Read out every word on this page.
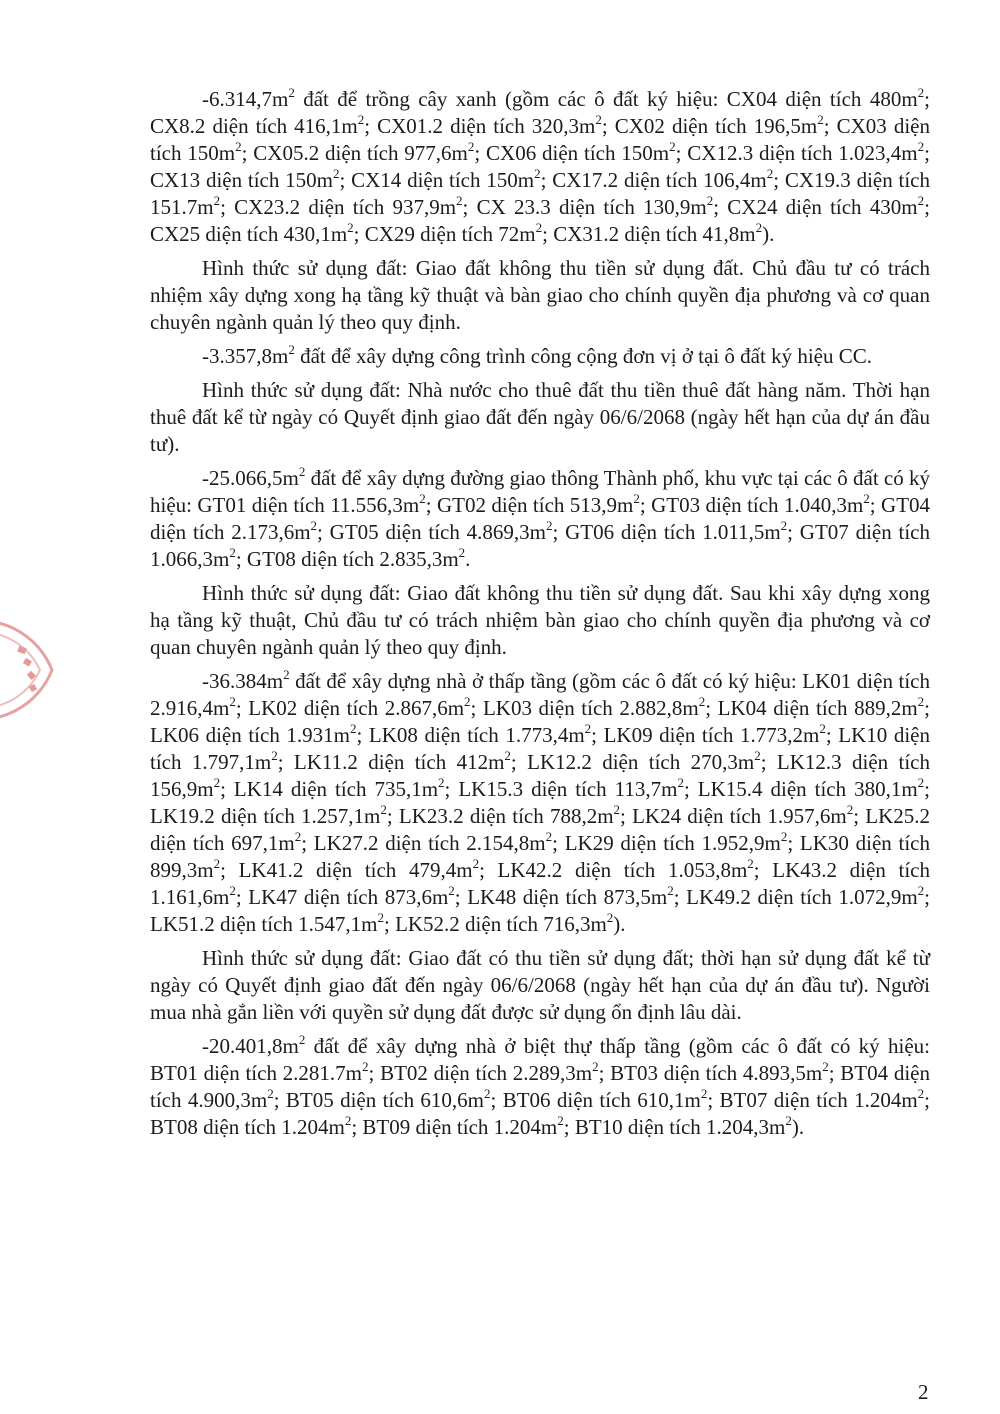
$-6.314,7m^2$ đất để trồng cây xanh (gồm các ô đất ký hiệu: CX04 diện tích $480m^2$; CX8.2 diện tích $416,1m^2$; CX01.2 diện tích $320,3m^2$; CX02 diện tích $196,5m^2$; CX03 diện tích $150m^2$; CX05.2 diện tích $977,6m^2$; CX06 diện tích $150m^2$; CX12.3 diện tích $1.023,4m^2$; CX13 diện tích $150m^2$; CX14 diện tích $150m^2$; CX17.2 diện tích $106,4m^2$; CX19.3 diện tích $151.7m^2$; CX23.2 diện tích $937,9m^2$; CX 23.3 diện tích $130,9m^2$; CX24 diện tích $430m^2$; CX25 diện tích $430,1m^2$; CX29 diện tích $72m^2$; CX31.2 diện tích $41,8m^2$).

Hình thức sử dụng đất: Giao đất không thu tiền sử dụng đất. Chủ đầu tư có trách nhiệm xây dựng xong hạ tầng kỹ thuật và bàn giao cho chính quyền địa phương và cơ quan chuyên ngành quản lý theo quy định.

$-3.357,8m^2$ đất để xây dựng công trình công cộng đơn vị ở tại ô đất ký hiệu CC.

Hình thức sử dụng đất: Nhà nước cho thuê đất thu tiền thuê đất hàng năm. Thời hạn thuê đất kể từ ngày có Quyết định giao đất đến ngày 06/6/2068 (ngày hết hạn của dự án đầu tư).

$-25.066,5m^2$ đất để xây dựng đường giao thông Thành phố, khu vực tại các ô đất có ký hiệu: GT01 diện tích $11.556,3m^2$; GT02 diện tích $513,9m^2$; GT03 diện tích $1.040,3m^2$; GT04 diện tích $2.173,6m^2$; GT05 diện tích $4.869,3m^2$; GT06 diện tích $1.011,5m^2$; GT07 diện tích $1.066,3m^2$; GT08 diện tích $2.835,3m^2$.

Hình thức sử dụng đất: Giao đất không thu tiền sử dụng đất. Sau khi xây dựng xong hạ tầng kỹ thuật, Chủ đầu tư có trách nhiệm bàn giao cho chính quyền địa phương và cơ quan chuyên ngành quản lý theo quy định.

$-36.384m^2$ đất để xây dựng nhà ở thấp tầng (gồm các ô đất có ký hiệu: LK01 diện tích $2.916,4m^2$; LK02 diện tích $2.867,6m^2$; LK03 diện tích $2.882,8m^2$; LK04 diện tích $889,2m^2$; LK06 diện tích $1.931m^2$; LK08 diện tích $1.773,4m^2$; LK09 diện tích $1.773,2m^2$; LK10 diện tích $1.797,1m^2$; LK11.2 diện tích $412m^2$; LK12.2 diện tích $270,3m^2$; LK12.3 diện tích $156,9m^2$; LK14 diện tích $735,1m^2$; LK15.3 diện tích $113,7m^2$; LK15.4 diện tích $380,1m^2$; LK19.2 diện tích $1.257,1m^2$; LK23.2 diện tích $788,2m^2$; LK24 diện tích $1.957,6m^2$; LK25.2 diện tích $697,1m^2$; LK27.2 diện tích $2.154,8m^2$; LK29 diện tích $1.952,9m^2$; LK30 diện tích $899,3m^2$; LK41.2 diện tích $479,4m^2$; LK42.2 diện tích $1.053,8m^2$; LK43.2 diện tích $1.161,6m^2$; LK47 diện tích $873,6m^2$; LK48 diện tích $873,5m^2$; LK49.2 diện tích $1.072,9m^2$; LK51.2 diện tích $1.547,1m^2$; LK52.2 diện tích $716,3m^2$).

Hình thức sử dụng đất: Giao đất có thu tiền sử dụng đất; thời hạn sử dụng đất kể từ ngày có Quyết định giao đất đến ngày 06/6/2068 (ngày hết hạn của dự án đầu tư). Người mua nhà gắn liền với quyền sử dụng đất được sử dụng ổn định lâu dài.

$-20.401,8m^2$ đất để xây dựng nhà ở biệt thự thấp tầng (gồm các ô đất có ký hiệu: BT01 diện tích $2.281.7m^2$; BT02 diện tích $2.289,3m^2$; BT03 diện tích $4.893,5m^2$; BT04 diện tích $4.900,3m^2$; BT05 diện tích $610,6m^2$; BT06 diện tích $610,1m^2$; BT07 diện tích $1.204m^2$; BT08 diện tích $1.204m^2$; BT09 diện tích $1.204m^2$; BT10 diện tích $1.204,3m^2$).

2
